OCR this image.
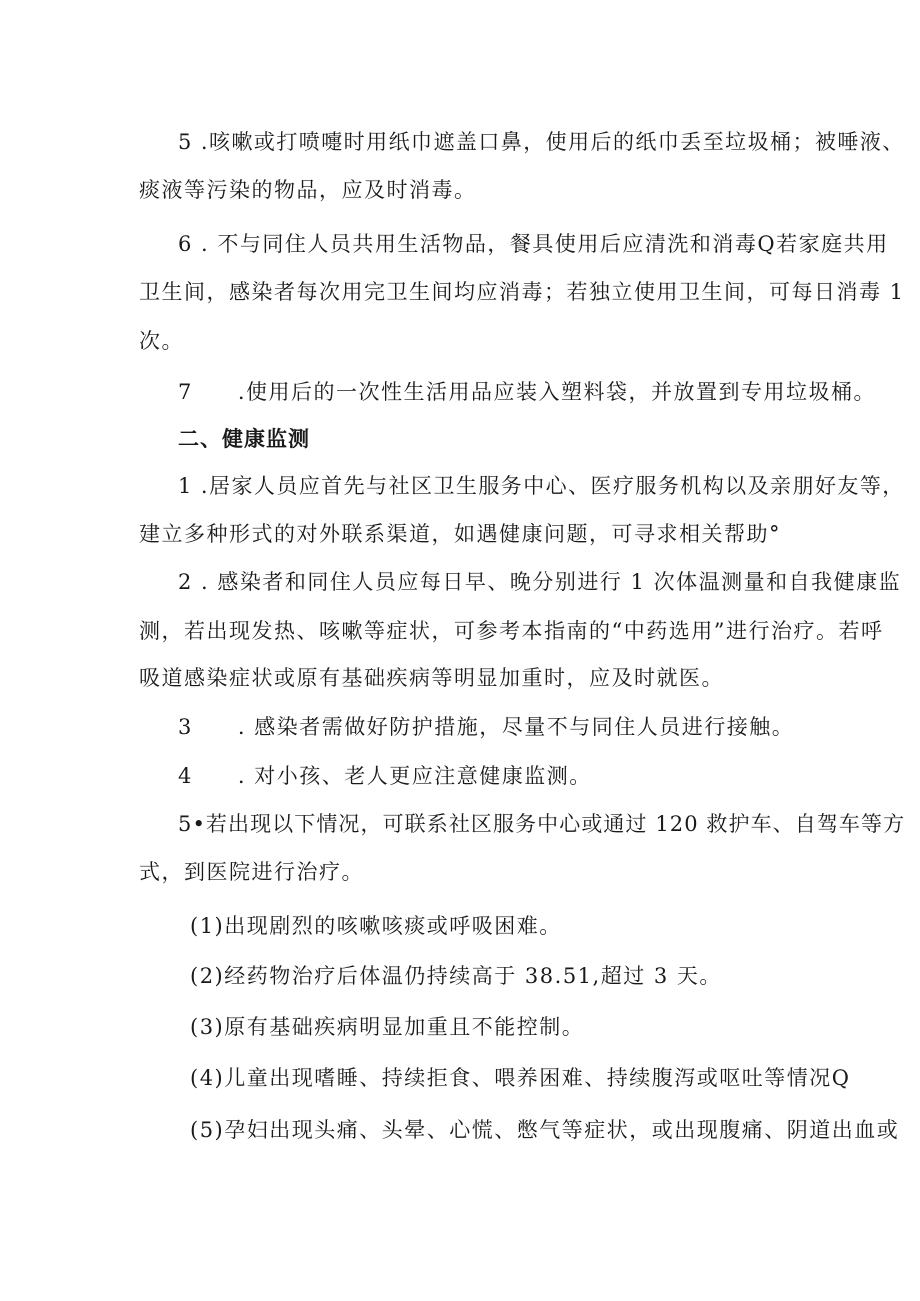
5 .咳嗽或打喷嚏时用纸巾遮盖口鼻，使用后的纸巾丢至垃圾桶；被唾液、
痰液等污染的物品，应及时消毒。
6 . 不与同住人员共用生活物品，餐具使用后应清洗和消毒Q若家庭共用
卫生间，感染者每次用完卫生间均应消毒；若独立使用卫生间，可每日消毒 1
次。
7　　.使用后的一次性生活用品应装入塑料袋，并放置到专用垃圾桶。
二、健康监测
1 .居家人员应首先与社区卫生服务中心、医疗服务机构以及亲朋好友等，
建立多种形式的对外联系渠道，如遇健康问题，可寻求相关帮助°
2 . 感染者和同住人员应每日早、晚分别进行 1 次体温测量和自我健康监
测，若出现发热、咳嗽等症状，可参考本指南的“中药选用”进行治疗。若呼
吸道感染症状或原有基础疾病等明显加重时，应及时就医。
3　　. 感染者需做好防护措施，尽量不与同住人员进行接触。
4　　. 对小孩、老人更应注意健康监测。
5•若出现以下情况，可联系社区服务中心或通过 120 救护车、自驾车等方
式，到医院进行治疗。
(1)出现剧烈的咳嗽咳痰或呼吸困难。
(2)经药物治疗后体温仍持续高于 38.51,超过 3 天。
(3)原有基础疾病明显加重且不能控制。
(4)儿童出现嗜睡、持续拒食、喂养困难、持续腹泻或呕吐等情况Q
(5)孕妇出现头痛、头晕、心慌、憋气等症状，或出现腹痛、阴道出血或
